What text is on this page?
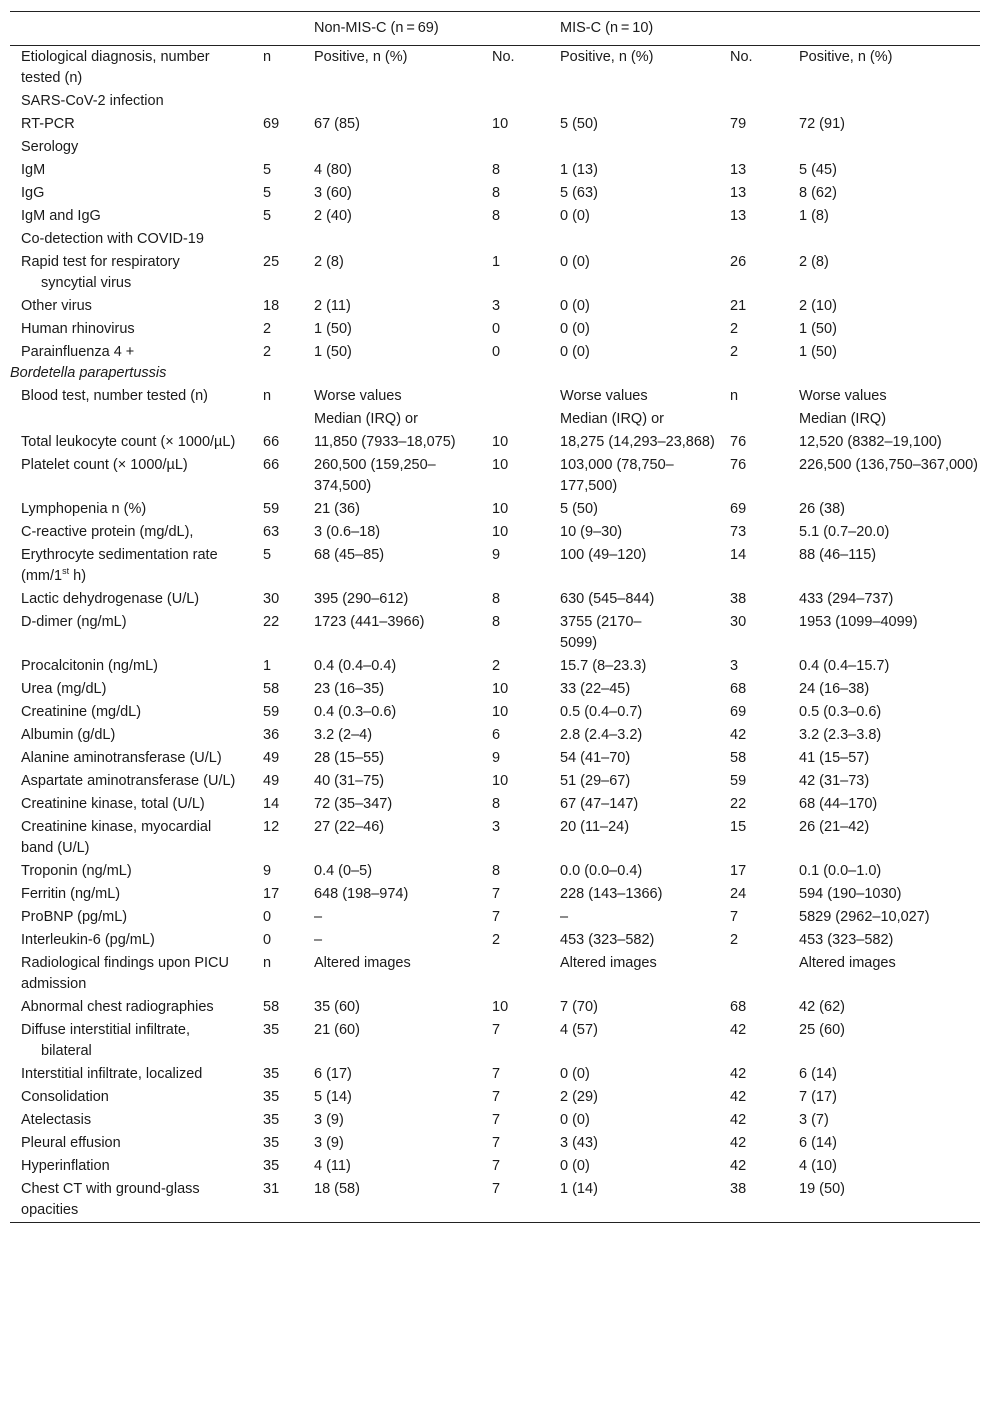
		Non-MIS-C (n = 69)		MIS-C (n = 10)		
Etiological diagnosis, number tested (n)	n	Positive, n (%)	No.	Positive, n (%)	No.	Positive, n (%)
SARS-CoV-2 infection						
RT-PCR	69	67 (85)	10	5 (50)	79	72 (91)
Serology						
IgM	5	4 (80)	8	1 (13)	13	5 (45)
IgG	5	3 (60)	8	5 (63)	13	8 (62)
IgM and IgG	5	2 (40)	8	0 (0)	13	1 (8)
Co-detection with COVID-19						
Rapid test for respiratory syncytial virus	25	2 (8)	1	0 (0)	26	2 (8)
Other virus	18	2 (11)	3	0 (0)	21	2 (10)
Human rhinovirus	2	1 (50)	0	0 (0)	2	1 (50)
Parainfluenza 4 +
Bordetella parapertussis	2	1 (50)	0	0 (0)	2	1 (50)
Blood test, number tested (n)	n	Worse values		Worse values	n	Worse values
		Median (IRQ) or		Median (IRQ) or		Median (IRQ)
Total leukocyte count (× 1000/µL)	66	11,850 (7933–18,075)	10	18,275 (14,293–23,868)	76	12,520 (8382–19,100)
Platelet count (× 1000/µL)	66	260,500 (159,250–374,500)	10	103,000 (78,750–177,500)	76	226,500 (136,750–367,000)
Lymphopenia n (%)	59	21 (36)	10	5 (50)	69	26 (38)
C-reactive protein (mg/dL),	63	3 (0.6–18)	10	10 (9–30)	73	5.1 (0.7–20.0)
Erythrocyte sedimentation rate (mm/1st h)	5	68 (45–85)	9	100 (49–120)	14	88 (46–115)
Lactic dehydrogenase (U/L)	30	395 (290–612)	8	630 (545–844)	38	433 (294–737)
D-dimer (ng/mL)	22	1723 (441–3966)	8	3755 (2170–5099)	30	1953 (1099–4099)
Procalcitonin (ng/mL)	1	0.4 (0.4–0.4)	2	15.7 (8–23.3)	3	0.4 (0.4–15.7)
Urea (mg/dL)	58	23 (16–35)	10	33 (22–45)	68	24 (16–38)
Creatinine (mg/dL)	59	0.4 (0.3–0.6)	10	0.5 (0.4–0.7)	69	0.5 (0.3–0.6)
Albumin (g/dL)	36	3.2 (2–4)	6	2.8 (2.4–3.2)	42	3.2 (2.3–3.8)
Alanine aminotransferase (U/L)	49	28 (15–55)	9	54 (41–70)	58	41 (15–57)
Aspartate aminotransferase (U/L)	49	40 (31–75)	10	51 (29–67)	59	42 (31–73)
Creatinine kinase, total (U/L)	14	72 (35–347)	8	67 (47–147)	22	68 (44–170)
Creatinine kinase, myocardial band (U/L)	12	27 (22–46)	3	20 (11–24)	15	26 (21–42)
Troponin (ng/mL)	9	0.4 (0–5)	8	0.0 (0.0–0.4)	17	0.1 (0.0–1.0)
Ferritin (ng/mL)	17	648 (198–974)	7	228 (143–1366)	24	594 (190–1030)
ProBNP (pg/mL)	0	–	7	–	7	5829 (2962–10,027)
Interleukin-6 (pg/mL)	0	–	2	453 (323–582)	2	453 (323–582)
Radiological findings upon PICU admission	n	Altered images		Altered images		Altered images
Abnormal chest radiographies	58	35 (60)	10	7 (70)	68	42 (62)
Diffuse interstitial infiltrate, bilateral	35	21 (60)	7	4 (57)	42	25 (60)
Interstitial infiltrate, localized	35	6 (17)	7	0 (0)	42	6 (14)
Consolidation	35	5 (14)	7	2 (29)	42	7 (17)
Atelectasis	35	3 (9)	7	0 (0)	42	3 (7)
Pleural effusion	35	3 (9)	7	3 (43)	42	6 (14)
Hyperinflation	35	4 (11)	7	0 (0)	42	4 (10)
Chest CT with ground-glass opacities	31	18 (58)	7	1 (14)	38	19 (50)
